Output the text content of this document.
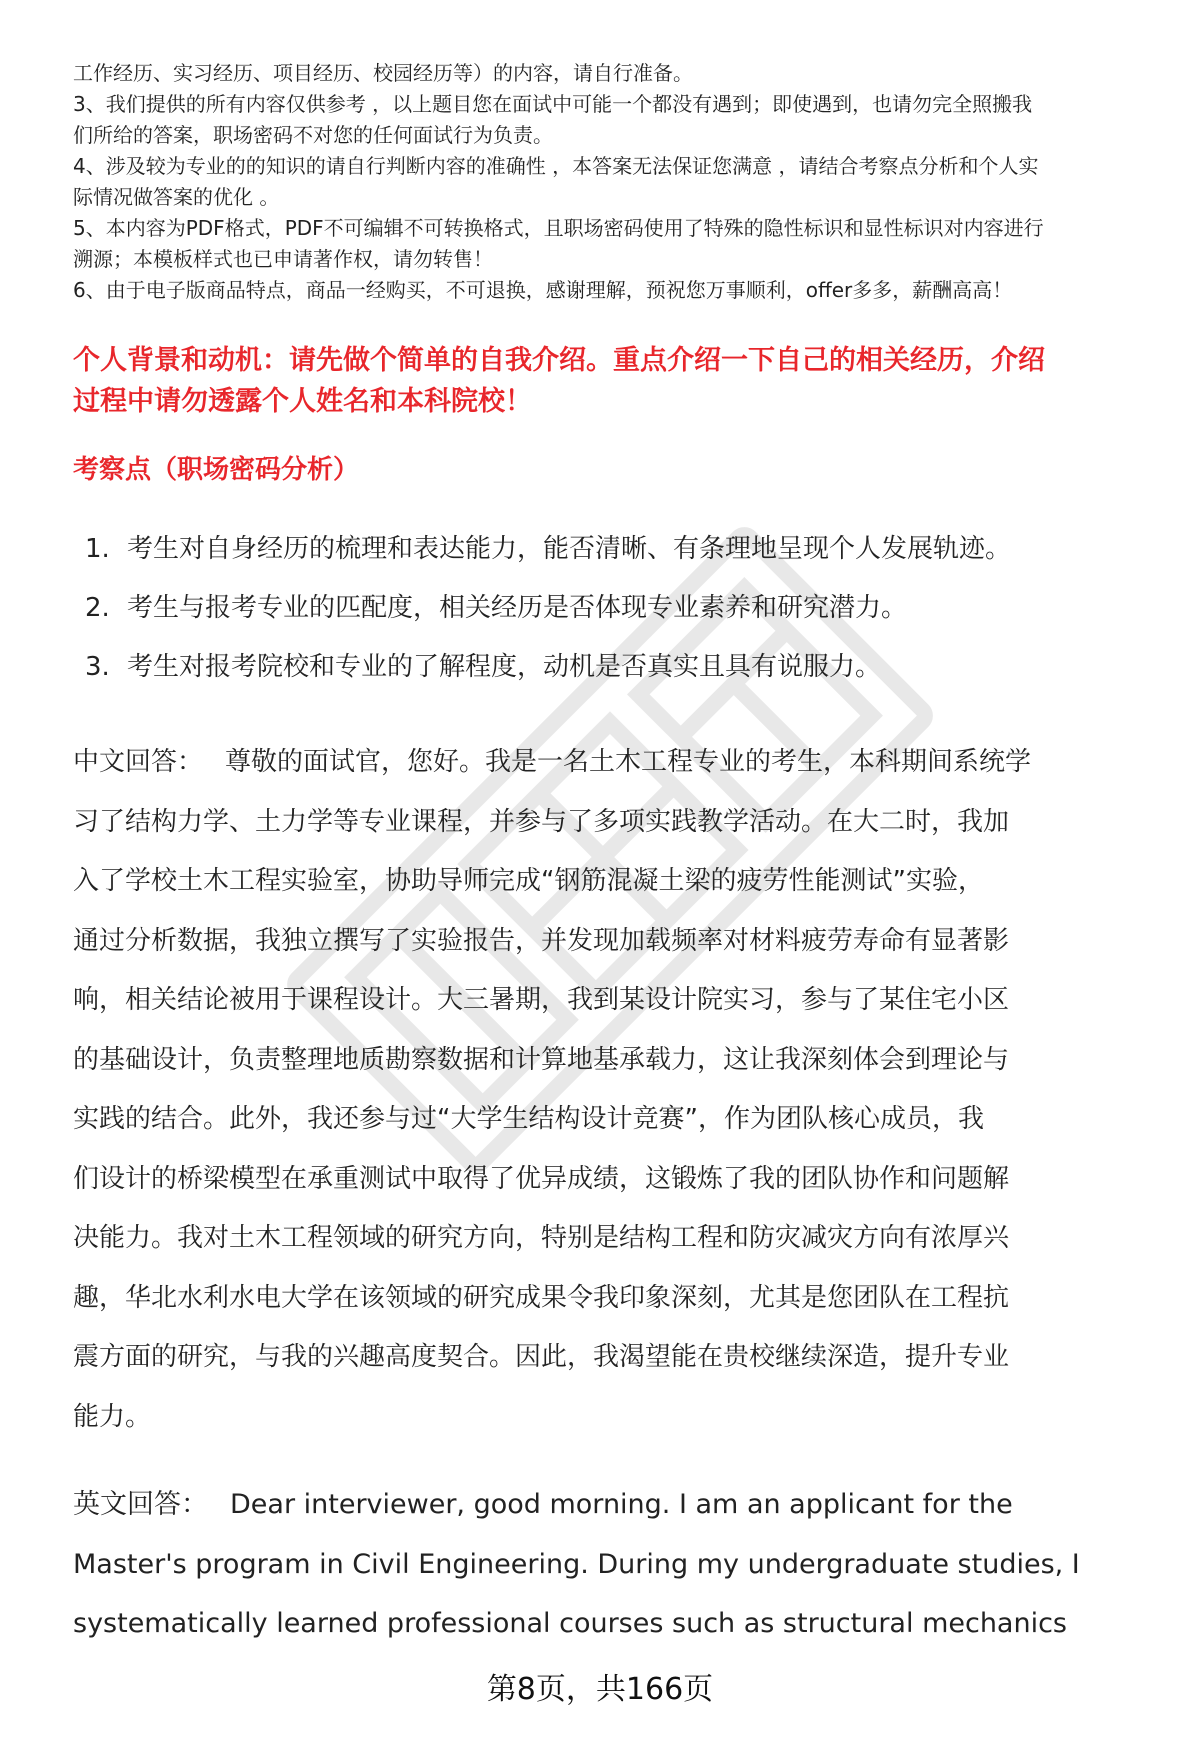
工作经历、实习经历、项目经历、校园经历等）的内容，请自行准备。

3、我们提供的所有内容仅供参考 ，以上题目您在面试中可能一个都没有遇到；即使遇到，也请勿完全照搬我

们所给的答案，职场密码不对您的任何面试行为负责。

4、涉及较为专业的的知识的请自行判断内容的准确性 ，本答案无法保证您满意 ，请结合考察点分析和个人实

际情况做答案的优化 。

5、本内容为PDF格式，PDF不可编辑不可转换格式，且职场密码使用了特殊的隐性标识和显性标识对内容进行

溯源；本模板样式也已申请著作权，请勿转售！

6、由于电子版商品特点，商品一经购买，不可退换，感谢理解，预祝您万事顺利，offer多多，薪酬高高！

个人背景和动机：请先做个简单的自我介绍。重点介绍一下自己的相关经历，介绍
过程中请勿透露个人姓名和本科院校！
考察点（职场密码分析）
1. 考生对自身经历的梳理和表达能力，能否清晰、有条理地呈现个人发展轨迹。
2. 考生与报考专业的匹配度，相关经历是否体现专业素养和研究潜力。
3. 考生对报考院校和专业的了解程度，动机是否真实且具有说服力。
中文回答： 尊敬的面试官，您好。我是一名土木工程专业的考生，本科期间系统学
习了结构力学、土力学等专业课程，并参与了多项实践教学活动。在大二时，我加
入了学校土木工程实验室，协助导师完成“钢筋混凝土梁的疲劳性能测试”实验，
通过分析数据，我独立撰写了实验报告，并发现加载频率对材料疲劳寿命有显著影
响，相关结论被用于课程设计。大三暑期，我到某设计院实习，参与了某住宅小区
的基础设计，负责整理地质勘察数据和计算地基承载力，这让我深刻体会到理论与
实践的结合。此外，我还参与过“大学生结构设计竞赛”，作为团队核心成员，我
们设计的桥梁模型在承重测试中取得了优异成绩，这锻炼了我的团队协作和问题解
决能力。我对土木工程领域的研究方向，特别是结构工程和防灾减灾方向有浓厚兴
趣，华北水利水电大学在该领域的研究成果令我印象深刻，尤其是您团队在工程抗
震方面的研究，与我的兴趣高度契合。因此，我渴望能在贵校继续深造，提升专业
能力。
英文回答： Dear interviewer, good morning. I am an applicant for the
Master's program in Civil Engineering. During my undergraduate studies, I
systematically learned professional courses such as structural mechanics
第8页，共166页
